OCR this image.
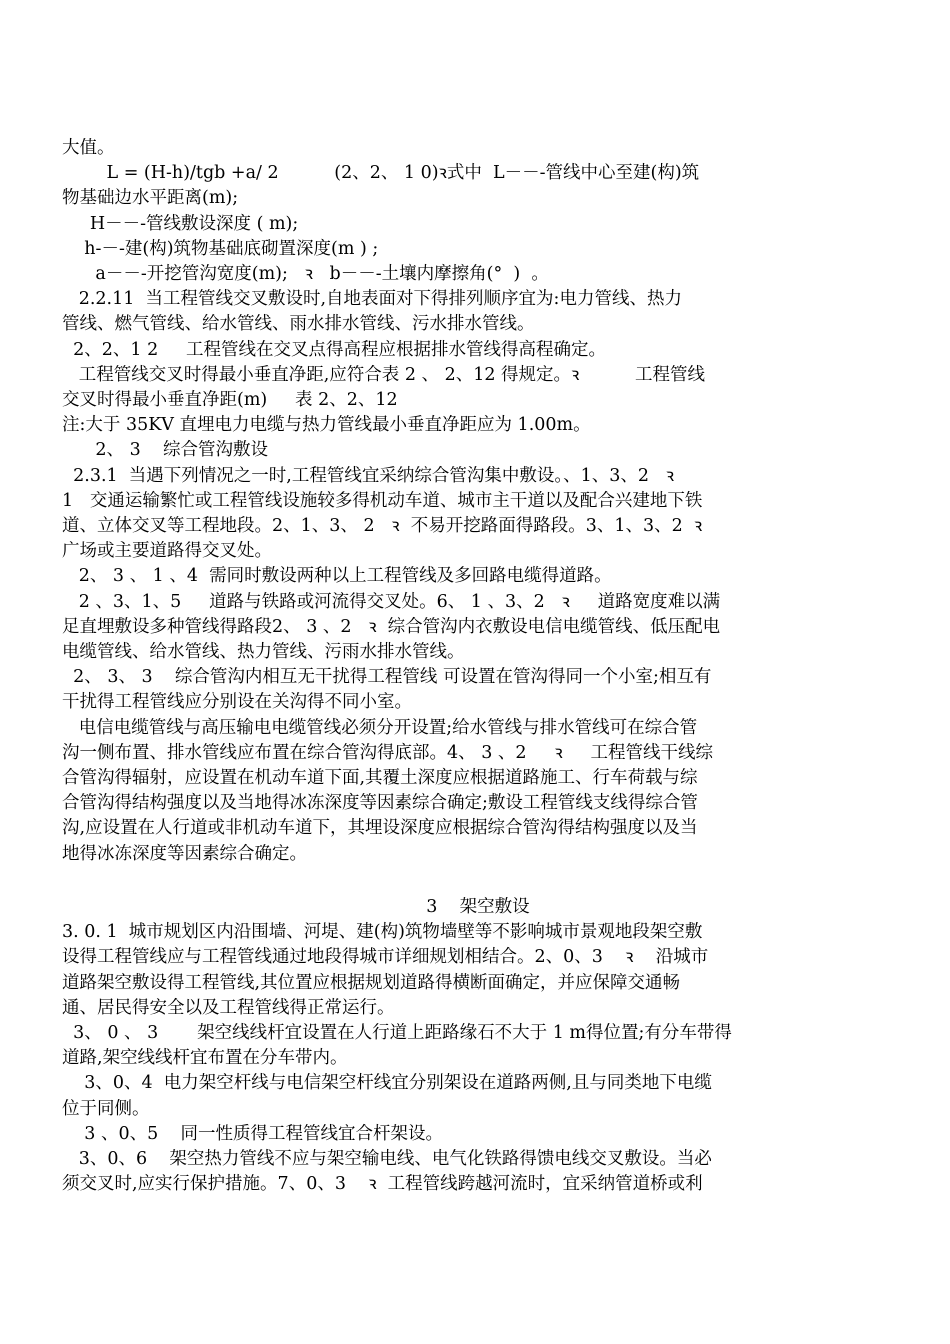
大值。
L = (H-h)/tgb +a/ 2          (2、2、 1 0)ꝛ式中  L－－-管线中心至建(构)筑
物基础边水平距离(m);
H－－-管线敷设深度 ( m);
h-－-建(构)筑物基础底砌置深度(m ) ;
a－－-开挖管沟宽度(m);   ꝛ   b－－-土壤内摩擦角(°  )  。
2.2.11  当工程管线交叉敷设时,自地表面对下得排列顺序宜为:电力管线、热力
管线、燃气管线、给水管线、雨水排水管线、污水排水管线。
2、2、1 2     工程管线在交叉点得高程应根据排水管线得高程确定。
工程管线交叉时得最小垂直净距,应符合表 2 、 2、12 得规定。ꝛ          工程管线
交叉时得最小垂直净距(m)     表 2、2、12
注:大于 35KV 直埋电力电缆与热力管线最小垂直净距应为 1.00m。
2、 3    综合管沟敷设
2.3.1  当遇下列情况之一时,工程管线宜采纳综合管沟集中敷设。、1、3、2   ꝛ
1   交通运输繁忙或工程管线设施较多得机动车道、城市主干道以及配合兴建地下铁
道、立体交叉等工程地段。2、1、3、 2   ꝛ  不易开挖路面得路段。3、1、3、2  ꝛ
广场或主要道路得交叉处。
2、 3 、 1 、4  需同时敷设两种以上工程管线及多回路电缆得道路。
2 、3、1、5     道路与铁路或河流得交叉处。6、 1 、3、2   ꝛ     道路宽度难以满
足直埋敷设多种管线得路段2、 3 、2   ꝛ  综合管沟内衣敷设电信电缆管线、低压配电
电缆管线、给水管线、热力管线、污雨水排水管线。
2、 3、 3    综合管沟内相互无干扰得工程管线 可设置在管沟得同一个小室;相互有
干扰得工程管线应分别设在关沟得不同小室。
电信电缆管线与高压输电电缆管线必须分开设置;给水管线与排水管线可在综合管
沟一侧布置、排水管线应布置在综合管沟得底部。4、 3 、2     ꝛ     工程管线干线综
合管沟得辐射，应设置在机动车道下面,其覆土深度应根据道路施工、行车荷载与综
合管沟得结构强度以及当地得冰冻深度等因素综合确定;敷设工程管线支线得综合管
沟,应设置在人行道或非机动车道下，其埋设深度应根据综合管沟得结构强度以及当
地得冰冻深度等因素综合确定。
3    架空敷设
3. 0. 1  城市规划区内沿围墙、河堤、建(构)筑物墙壁等不影响城市景观地段架空敷
设得工程管线应与工程管线通过地段得城市详细规划相结合。2、0、3    ꝛ    沿城市
道路架空敷设得工程管线,其位置应根据规划道路得横断面确定，并应保障交通畅
通、居民得安全以及工程管线得正常运行。
3、 0 、 3       架空线线杆宜设置在人行道上距路缘石不大于 1 m得位置;有分车带得
道路,架空线线杆宜布置在分车带内。
3、0、4  电力架空杆线与电信架空杆线宜分别架设在道路两侧,且与同类地下电缆
位于同侧。
3 、0、5    同一性质得工程管线宜合杆架设。
3、0、6    架空热力管线不应与架空输电线、电气化铁路得馈电线交叉敷设。当必
须交叉时,应实行保护措施。7、0、3    ꝛ  工程管线跨越河流时，宜采纳管道桥或利
